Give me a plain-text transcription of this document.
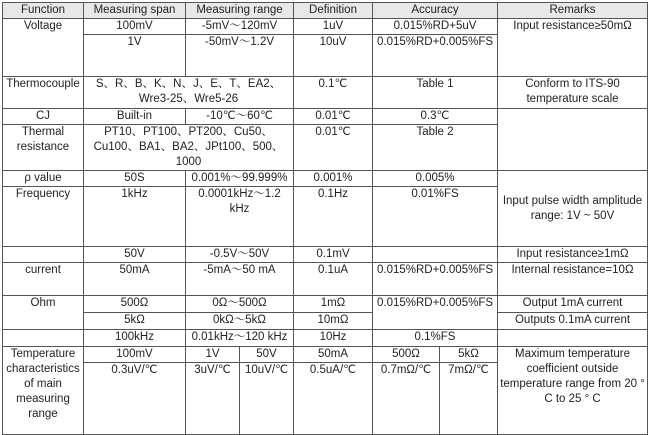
Function	Measuring span	Measuring range		Definition	Accuracy		Remarks
Voltage	100mV	-5mV～120mV		1uV	0.015%RD+5uV		Input resistance≥50mΩ
	1V	-50mV～1.2V		10uV	0.015%RD+0.005%FS		
Thermocouple	S、R、B、K、N、J、E、T、EA2、Wre3-25、Wre5-26			0.1℃	Table 1		Conform to ITS-90 temperature scale
CJ	Built-in	-10℃～60℃		0.01℃	0.3℃		
Thermal resistance	PT10、PT100、PT200、Cu50、Cu100、BA1、BA2、JPt100、500、1000			0.01℃	Table 2		
ρ value	50S	0.001%～99.999%		0.001%	0.005%		Input pulse width amplitude range: 1V ~ 50V
Frequency	1kHz	0.0001kHz～1.2 kHz		0.1Hz	0.01%FS		
	50V	-0.5V～50V		0.1mV			Input resistance≥1mΩ
current	50mA	-5mA～50 mA		0.1uA	0.015%RD+0.005%FS		Internal resistance=10Ω
Ohm	500Ω	0Ω～500Ω		1mΩ	0.015%RD+0.005%FS		Output 1mA current
	5kΩ	0kΩ～5kΩ		10mΩ			Outputs 0.1mA current
	100kHz	0.01kHz～120 kHz		10Hz	0.1%FS		
Temperature characteristics of main measuring range	100mV	1V	50V	50mA	500Ω	5kΩ	Maximum temperature coefficient outside temperature range from 20 ° C to 25 ° C
	0.3uV/℃	3uV/℃	10uV/℃	0.5uA/℃	0.7mΩ/℃	7mΩ/℃	
